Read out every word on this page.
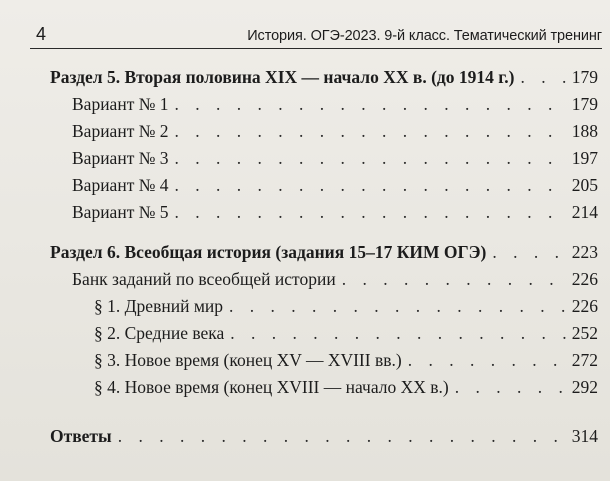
4	История. ОГЭ-2023. 9-й класс. Тематический тренинг
Раздел 5. Вторая половина XIX — начало XX в. (до 1914 г.) . . .	179
Вариант № 1 . . .	179
Вариант № 2 . . .	188
Вариант № 3 . . .	197
Вариант № 4 . . .	205
Вариант № 5 . . .	214
Раздел 6. Всеобщая история (задания 15–17 КИМ ОГЭ) . . .	223
Банк заданий по всеобщей истории . . .	226
§ 1. Древний мир . . .	226
§ 2. Средние века . . .	252
§ 3. Новое время (конец XV — XVIII вв.) . . .	272
§ 4. Новое время (конец XVIII — начало XX в.) . . .	292
Ответы . . .	314
